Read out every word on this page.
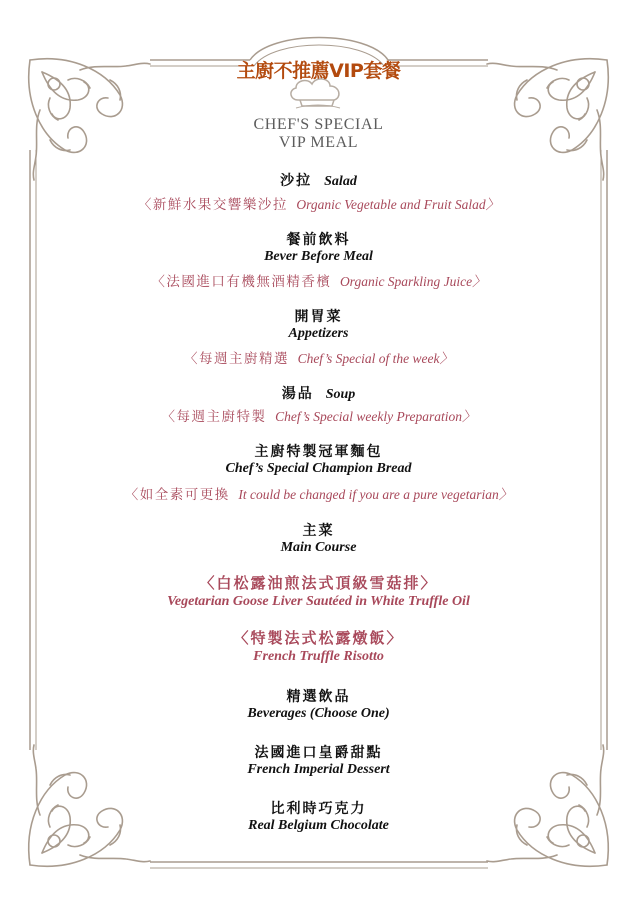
主廚不推薦VIP套餐
CHEF'S SPECIAL
VIP MEAL
沙拉 Salad
〈新鮮水果交響樂沙拉 Organic Vegetable and Fruit Salad〉
餐前飲料
Bever Before Meal
〈法國進口有機無酒精香檳 Organic Sparkling Juice〉
開胃菜
Appetizers
〈每週主廚精選 Chef’s Special of the week〉
湯品 Soup
〈每週主廚特製 Chef’s Special weekly Preparation〉
主廚特製冠軍麵包
Chef’s Special Champion Bread
〈如全素可更換 It could be changed if you are a pure vegetarian〉
主菜
Main Course
〈白松露油煎法式頂級雪菇排〉
Vegetarian Goose Liver Sautéed in White Truffle Oil
〈特製法式松露燉飯〉
French Truffle Risotto
精選飲品
Beverages (Choose One)
法國進口皇爵甜點
French Imperial Dessert
比利時巧克力
Real Belgium Chocolate
